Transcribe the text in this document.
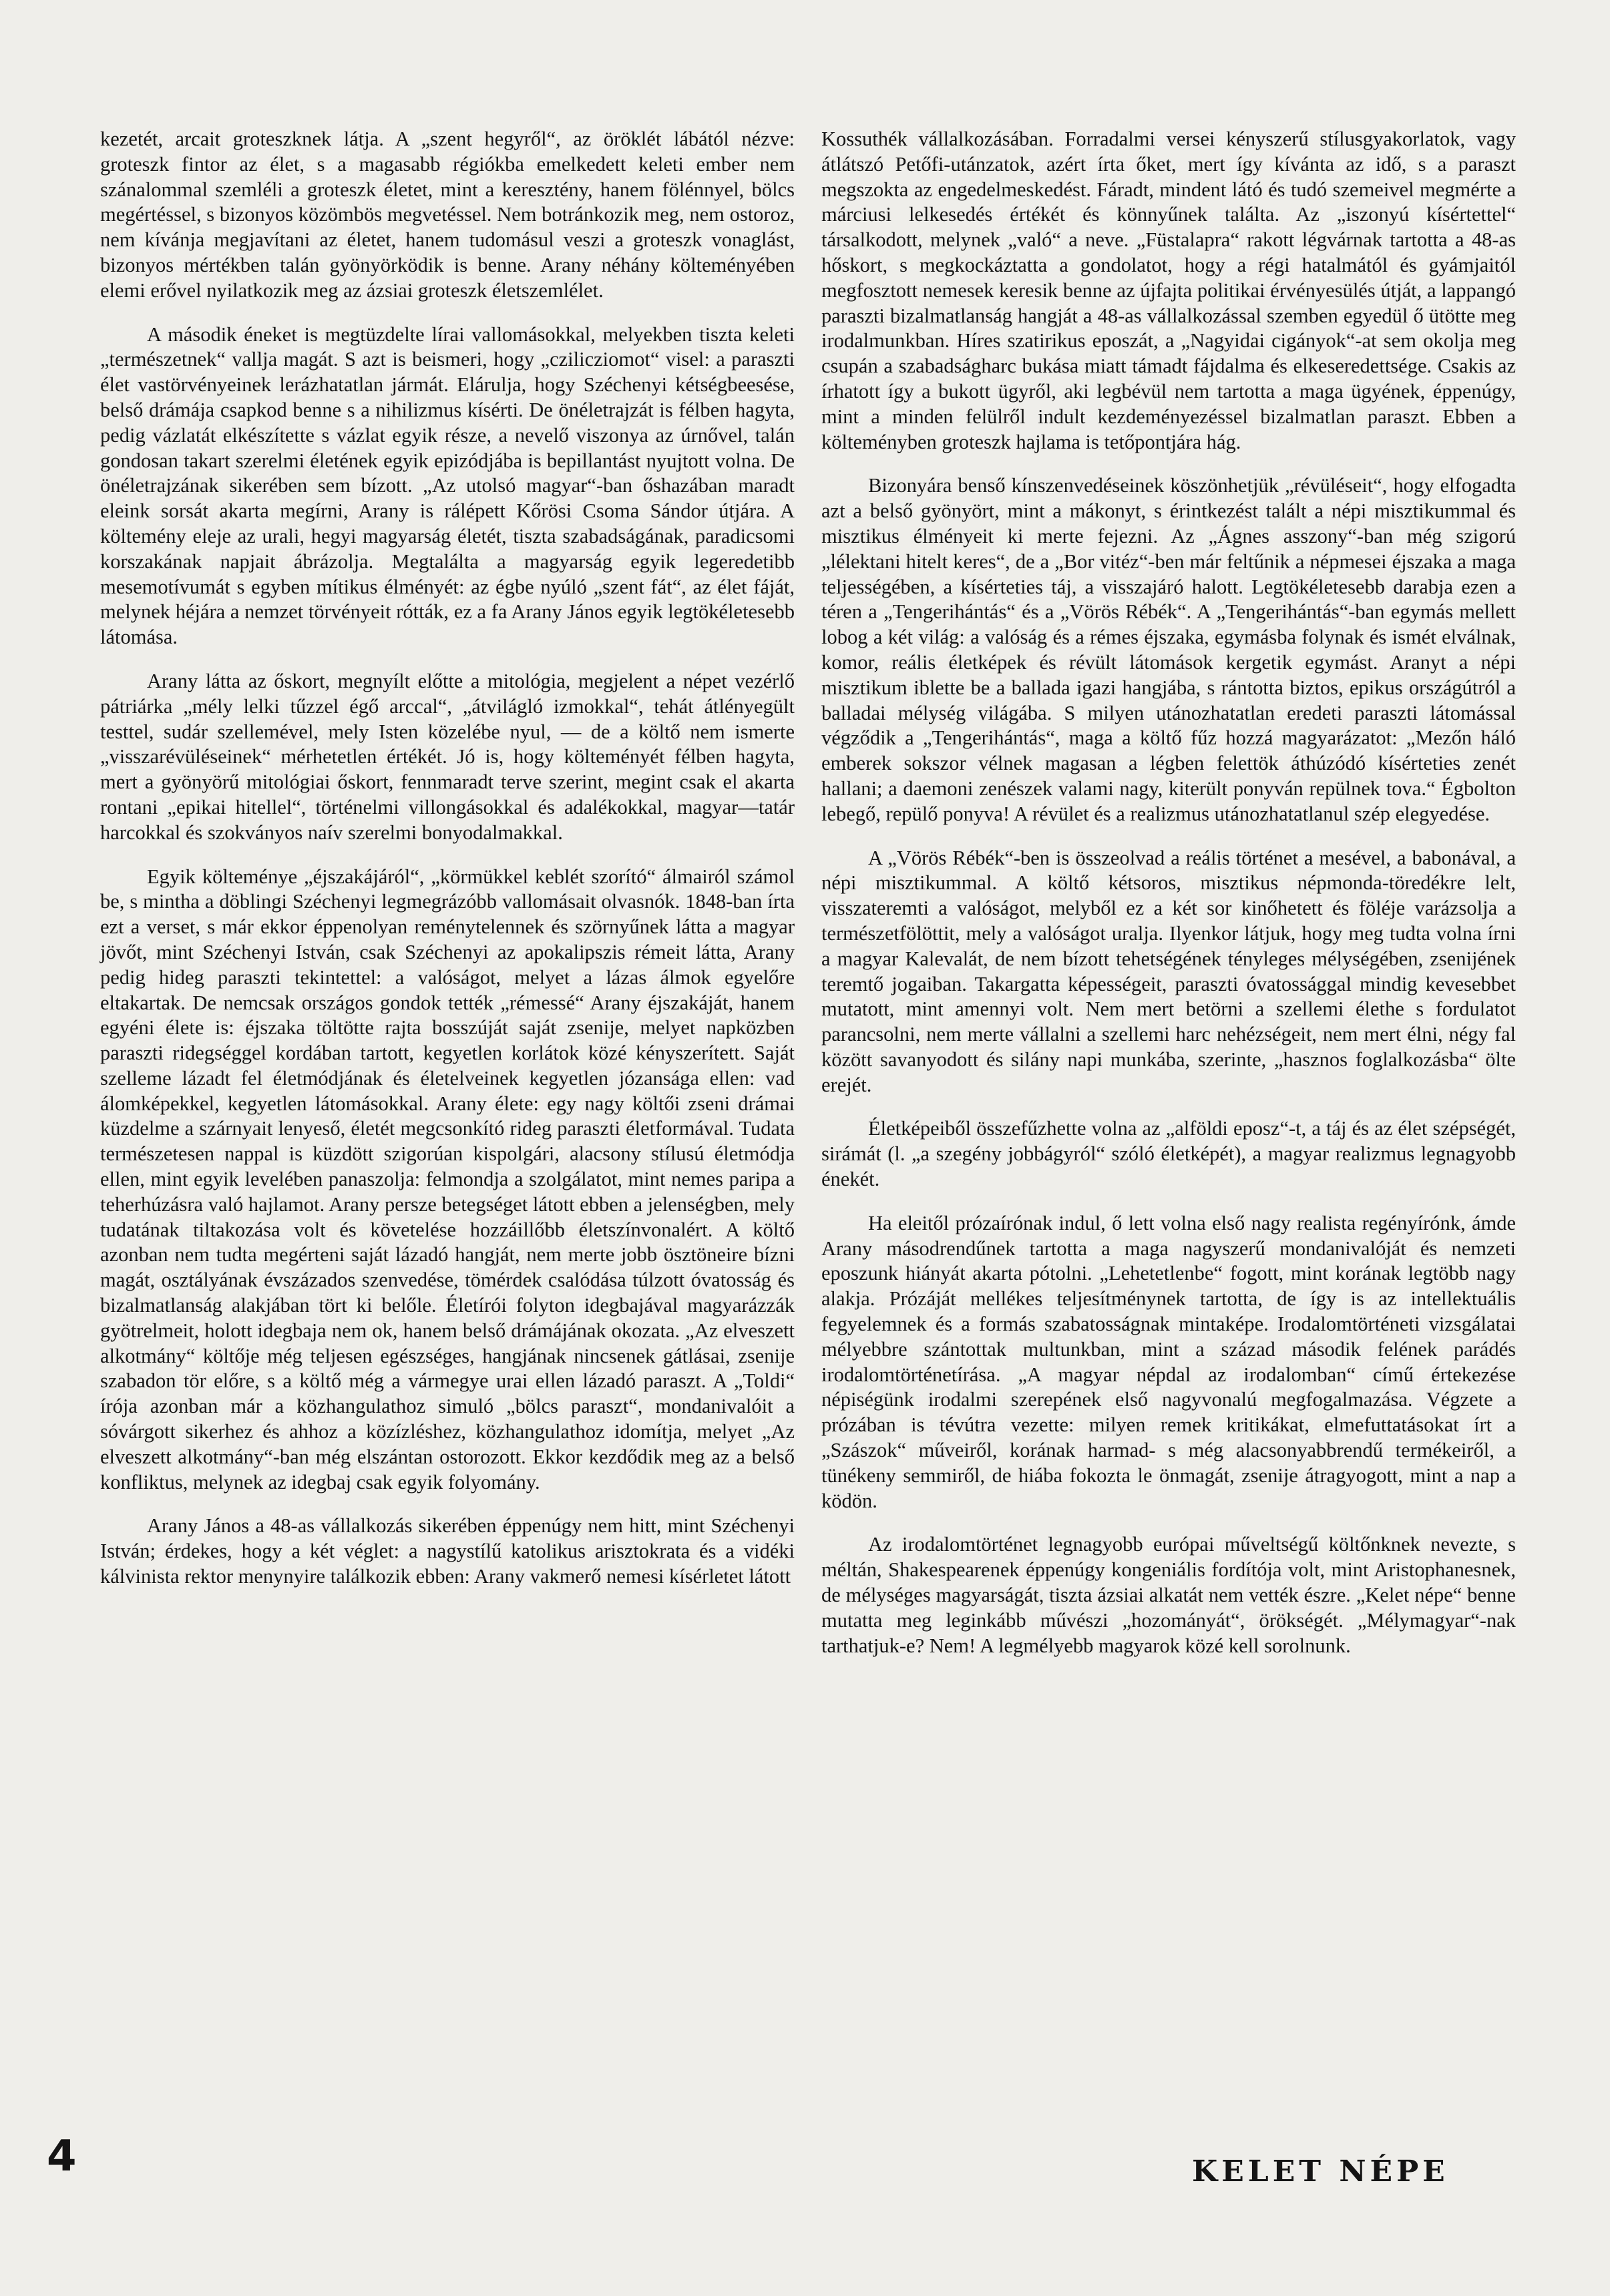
kezetét, arcait groteszknek látja. A „szent hegyről“, az öröklét lábától nézve: groteszk fintor az élet, s a magasabb régiókba emelkedett keleti ember nem szánalommal szemléli a groteszk életet, mint a keresztény, hanem fölénnyel, bölcs megértéssel, s bizonyos közömbös megvetéssel. Nem botránkozik meg, nem ostoroz, nem kívánja megjavítani az életet, hanem tudomásul veszi a groteszk vonaglást, bizonyos mértékben talán gyönyörködik is benne. Arany néhány költeményében elemi erővel nyilatkozik meg az ázsiai groteszk életszemlélet.

A második éneket is megtüzdelte lírai vallomásokkal, melyekben tiszta keleti „természetnek“ vallja magát. S azt is beismeri, hogy „czilicziomot“ visel: a paraszti élet vastörvényeinek lerázhatatlan jármát. Elárulja, hogy Széchenyi kétségbeesése, belső drámája csapkod benne s a nihilizmus kísérti. De önéletrajzát is félben hagyta, pedig vázlatát elkészítette s vázlat egyik része, a nevelő viszonya az úrnővel, talán gondosan takart szerelmi életének egyik epizódjába is bepillantást nyujtott volna. De önéletrajzának sikerében sem bízott. „Az utolsó magyar“-ban őshazában maradt eleink sorsát akarta megírni, Arany is rálépett Kőrösi Csoma Sándor útjára. A költemény eleje az urali, hegyi magyarság életét, tiszta szabadságának, paradicsomi korszakának napjait ábrázolja. Megtalálta a magyarság egyik legeredetibb mesemotívumát s egyben mítikus élményét: az égbe nyúló „szent fát“, az élet fáját, melynek héjára a nemzet törvényeit rótták, ez a fa Arany János egyik legtökéletesebb látomása.

Arany látta az őskort, megnyílt előtte a mitológia, megjelent a népet vezérlő pátriárka „mély lelki tűzzel égő arccal“, „átvilágló izmokkal“, tehát átlényegült testtel, sudár szellemével, mely Isten közelébe nyul, — de a költő nem ismerte „visszarévüléseinek“ mérhetetlen értékét. Jó is, hogy költeményét félben hagyta, mert a gyönyörű mitológiai őskort, fennmaradt terve szerint, megint csak el akarta rontani „epikai hitellel“, történelmi villongásokkal és adalékokkal, magyar—tatár harcokkal és szokványos naív szerelmi bonyodalmakkal.

Egyik költeménye „éjszakájáról“, „körmükkel keblét szorító“ álmairól számol be, s mintha a döblingi Széchenyi legmegrázóbb vallomásait olvasnók. 1848-ban írta ezt a verset, s már ekkor éppenolyan reménytelennek és szörnyűnek látta a magyar jövőt, mint Széchenyi István, csak Széchenyi az apokalipszis rémeit látta, Arany pedig hideg paraszti tekintettel: a valóságot, melyet a lázas álmok egyelőre eltakartak. De nemcsak országos gondok tették „rémessé“ Arany éjszakáját, hanem egyéni élete is: éjszaka töltötte rajta bosszúját saját zsenije, melyet napközben paraszti ridegséggel kordában tartott, kegyetlen korlátok közé kényszerített. Saját szelleme lázadt fel életmódjának és életelveinek kegyetlen józansága ellen: vad álomképekkel, kegyetlen látomásokkal. Arany élete: egy nagy költői zseni drámai küzdelme a szárnyait lenyeső, életét megcsonkító rideg paraszti életformával. Tudata természetesen nappal is küzdött szigorúan kispolgári, alacsony stílusú életmódja ellen, mint egyik levelében panaszolja: felmondja a szolgálatot, mint nemes paripa a teherhúzásra való hajlamot. Arany persze betegséget látott ebben a jelenségben, mely tudatának tiltakozása volt és követelése hozzáillőbb életszínvonalért. A költő azonban nem tudta megérteni saját lázadó hangját, nem merte jobb ösztöneire bízni magát, osztályának évszázados szenvedése, tömérdek csalódása túlzott óvatosság és bizalmatlanság alakjában tört ki belőle. Életírói folyton idegbajával magyarázzák gyötrelmeit, holott idegbaja nem ok, hanem belső drámájának okozata. „Az elveszett alkotmány“ költője még teljesen egészséges, hangjának nincsenek gátlásai, zsenije szabadon tör előre, s a költő még a vármegye urai ellen lázadó paraszt. A „Toldi“ írója azonban már a közhangulathoz simuló „bölcs paraszt“, mondanivalóit a sóvárgott sikerhez és ahhoz a közízléshez, közhangulathoz idomítja, melyet „Az elveszett alkotmány“-ban még elszántan ostorozott. Ekkor kezdődik meg az a belső konfliktus, melynek az idegbaj csak egyik folyomány.

Arany János a 48-as vállalkozás sikerében éppenúgy nem hitt, mint Széchenyi István; érdekes, hogy a két véglet: a nagystílű katolikus arisztokrata és a vidéki kálvinista rektor menynyire találkozik ebben: Arany vakmerő nemesi kísérletet látott

Kossuthék vállalkozásában. Forradalmi versei kényszerű stílusgyakorlatok, vagy átlátszó Petőfi-utánzatok, azért írta őket, mert így kívánta az idő, s a paraszt megszokta az engedelmeskedést. Fáradt, mindent látó és tudó szemeivel megmérte a márciusi lelkesedés értékét és könnyűnek találta. Az „iszonyú kísértettel“ társalkodott, melynek „való“ a neve. „Füstalapra“ rakott légvárnak tartotta a 48-as hőskort, s megkockáztatta a gondolatot, hogy a régi hatalmától és gyámjaitól megfosztott nemesek keresik benne az újfajta politikai érvényesülés útját, a lappangó paraszti bizalmatlanság hangját a 48-as vállalkozással szemben egyedül ő ütötte meg irodalmunkban. Híres szatirikus eposzát, a „Nagyidai cigányok“-at sem okolja meg csupán a szabadságharc bukása miatt támadt fájdalma és elkeseredettsége. Csakis az írhatott így a bukott ügyről, aki legbévül nem tartotta a maga ügyének, éppenúgy, mint a minden felülről indult kezdeményezéssel bizalmatlan paraszt. Ebben a költeményben groteszk hajlama is tetőpontjára hág.

Bizonyára benső kínszenvedéseinek köszönhetjük „révüléseit“, hogy elfogadta azt a belső gyönyört, mint a mákonyt, s érintkezést talált a népi misztikummal és misztikus élményeit ki merte fejezni. Az „Ágnes asszony“-ban még szigorú „lélektani hitelt keres“, de a „Bor vitéz“-ben már feltűnik a népmesei éjszaka a maga teljességében, a kísérteties táj, a visszajáró halott. Legtökéletesebb darabja ezen a téren a „Tengerihántás“ és a „Vörös Rébék“. A „Tengerihántás“-ban egymás mellett lobog a két világ: a valóság és a rémes éjszaka, egymásba folynak és ismét elválnak, komor, reális életképek és révült látomások kergetik egymást. Aranyt a népi misztikum iblette be a ballada igazi hangjába, s rántotta biztos, epikus országútról a balladai mélység világába. S milyen utánozhatatlan eredeti paraszti látomással végződik a „Tengerihántás“, maga a költő fűz hozzá magyarázatot: „Mezőn háló emberek sokszor vélnek magasan a légben felettök áthúzódó kísérteties zenét hallani; a daemoni zenészek valami nagy, kiterült ponyván repülnek tova.“ Égbolton lebegő, repülő ponyva! A révület és a realizmus utánozhatatlanul szép elegyedése.

A „Vörös Rébék“-ben is összeolvad a reális történet a mesével, a babonával, a népi misztikummal. A költő kétsoros, misztikus népmonda-töredékre lelt, visszateremti a valóságot, melyből ez a két sor kinőhetett és föléje varázsolja a természetfölöttit, mely a valóságot uralja. Ilyenkor látjuk, hogy meg tudta volna írni a magyar Kalevalát, de nem bízott tehetségének tényleges mélységében, zsenijének teremtő jogaiban. Takargatta képességeit, paraszti óvatossággal mindig kevesebbet mutatott, mint amennyi volt. Nem mert betörni a szellemi élethe s fordulatot parancsolni, nem merte vállalni a szellemi harc nehézségeit, nem mert élni, négy fal között savanyodott és silány napi munkába, szerinte, „hasznos foglalkozásba“ ölte erejét.

Életképeiből összefűzhette volna az „alföldi eposz“-t, a táj és az élet szépségét, sirámát (l. „a szegény jobbágyról“ szóló életképét), a magyar realizmus legnagyobb énekét.

Ha eleitől prózaírónak indul, ő lett volna első nagy realista regényírónk, ámde Arany másodrendűnek tartotta a maga nagyszerű mondanivalóját és nemzeti eposzunk hiányát akarta pótolni. „Lehetetlenbe“ fogott, mint korának legtöbb nagy alakja. Prózáját mellékes teljesítménynek tartotta, de így is az intellektuális fegyelemnek és a formás szabatosságnak mintaképe. Irodalomtörténeti vizsgálatai mélyebbre szántottak multunkban, mint a század második felének parádés irodalomtörténetírása. „A magyar népdal az irodalomban“ című értekezése népiségünk irodalmi szerepének első nagyvonalú megfogalmazása. Végzete a prózában is tévútra vezette: milyen remek kritikákat, elmefuttatásokat írt a „Szászok“ műveiről, korának harmad- s még alacsonyabbrendű termékeiről, a tünékeny semmiről, de hiába fokozta le önmagát, zsenije átragyogott, mint a nap a ködön.

Az irodalomtörténet legnagyobb európai műveltségű költőnknek nevezte, s méltán, Shakespearenek éppenúgy kongeniális fordítója volt, mint Aristophanesnek, de mélységes magyarságát, tiszta ázsiai alkatát nem vették észre. „Kelet népe“ benne mutatta meg leginkább művészi „hozományát“, örökségét. „Mélymagyar“-nak tarthatjuk-e? Nem! A legmélyebb magyarok közé kell sorolnunk.

4	KELET NÉPE
